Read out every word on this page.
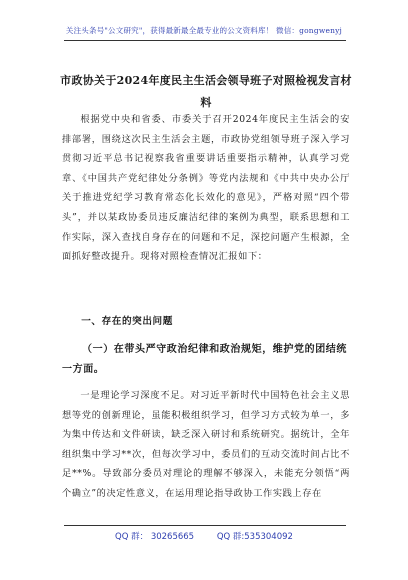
关注头条号"公文研究"，获得最新最全最专业的公文资料库！ 微信：gongwenyj
市政协关于2024年度民主生活会领导班子对照检视发言材料

根据党中央和省委、市委关于召开2024年度民主生活会的安排部署，围绕这次民主生活会主题，市政协党组领导班子深入学习贯彻习近平总书记视察我省重要讲话重要指示精神，认真学习党章、《中国共产党纪律处分条例》等党内法规和《中共中央办公厅关于推进党纪学习教育常态化长效化的意见》，严格对照“四个带头”，并以某政协委员违反廉洁纪律的案例为典型，联系思想和工作实际，深入查找自身存在的问题和不足，深挖问题产生根源，全面抓好整改提升。现将对照检查情况汇报如下：

一、存在的突出问题
（一）在带头严守政治纪律和政治规矩，维护党的团结统一方面。

一是理论学习深度不足。对习近平新时代中国特色社会主义思想等党的创新理论，虽能积极组织学习，但学习方式较为单一，多为集中传达和文件研读，缺乏深入研讨和系统研究。据统计，全年组织集中学习**次，但每次学习中，委员们的互动交流时间占比不足**%。导致部分委员对理论的理解不够深入，未能充分领悟“两个确立”的决定性意义，在运用理论指导政协工作实践上存在

QQ 群： 30265665	QQ 群:535304092
